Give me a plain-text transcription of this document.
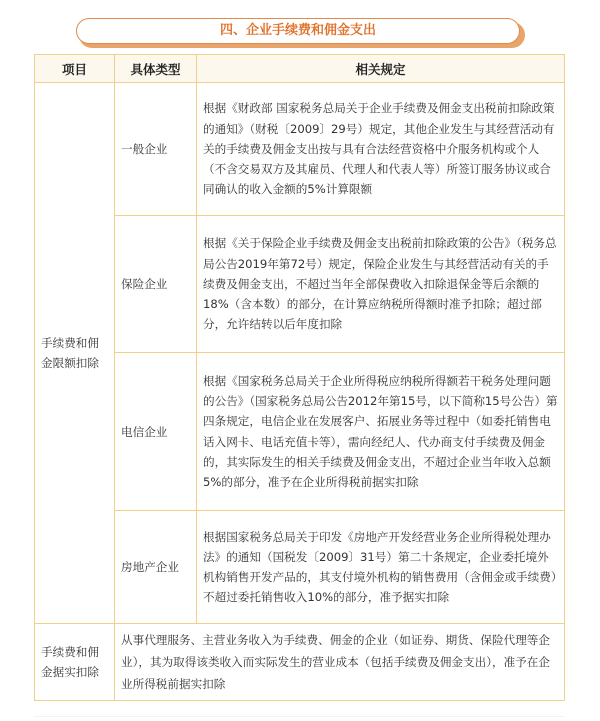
四、企业手续费和佣金支出
项目	具体类型	相关规定
手续费和佣金限额扣除	一般企业	根据《财政部 国家税务总局关于企业手续费及佣金支出税前扣除政策的通知》（财税〔2009〕29号）规定，其他企业发生与其经营活动有关的手续费及佣金支出按与具有合法经营资格中介服务机构或个人（不含交易双方及其雇员、代理人和代表人等）所签订服务协议或合同确认的收入金额的5%计算限额
	保险企业	根据《关于保险企业手续费及佣金支出税前扣除政策的公告》（税务总局公告2019年第72号）规定，保险企业发生与其经营活动有关的手续费及佣金支出，不超过当年全部保费收入扣除退保金等后余额的18%（含本数）的部分，在计算应纳税所得额时准予扣除；超过部分，允许结转以后年度扣除
	电信企业	根据《国家税务总局关于企业所得税应纳税所得额若干税务处理问题的公告》（国家税务总局公告2012年第15号，以下简称15号公告）第四条规定，电信企业在发展客户、拓展业务等过程中（如委托销售电话入网卡、电话充值卡等），需向经纪人、代办商支付手续费及佣金的，其实际发生的相关手续费及佣金支出，不超过企业当年收入总额5%的部分，准予在企业所得税前据实扣除
	房地产企业	根据国家税务总局关于印发《房地产开发经营业务企业所得税处理办法》的通知（国税发〔2009〕31号）第二十条规定，企业委托境外机构销售开发产品的，其支付境外机构的销售费用（含佣金或手续费）不超过委托销售收入10%的部分，准予据实扣除
手续费和佣金据实扣除	从事代理服务、主营业务收入为手续费、佣金的企业（如证券、期货、保险代理等企业），其为取得该类收入而实际发生的营业成本（包括手续费及佣金支出），准予在企业所得税前据实扣除	
